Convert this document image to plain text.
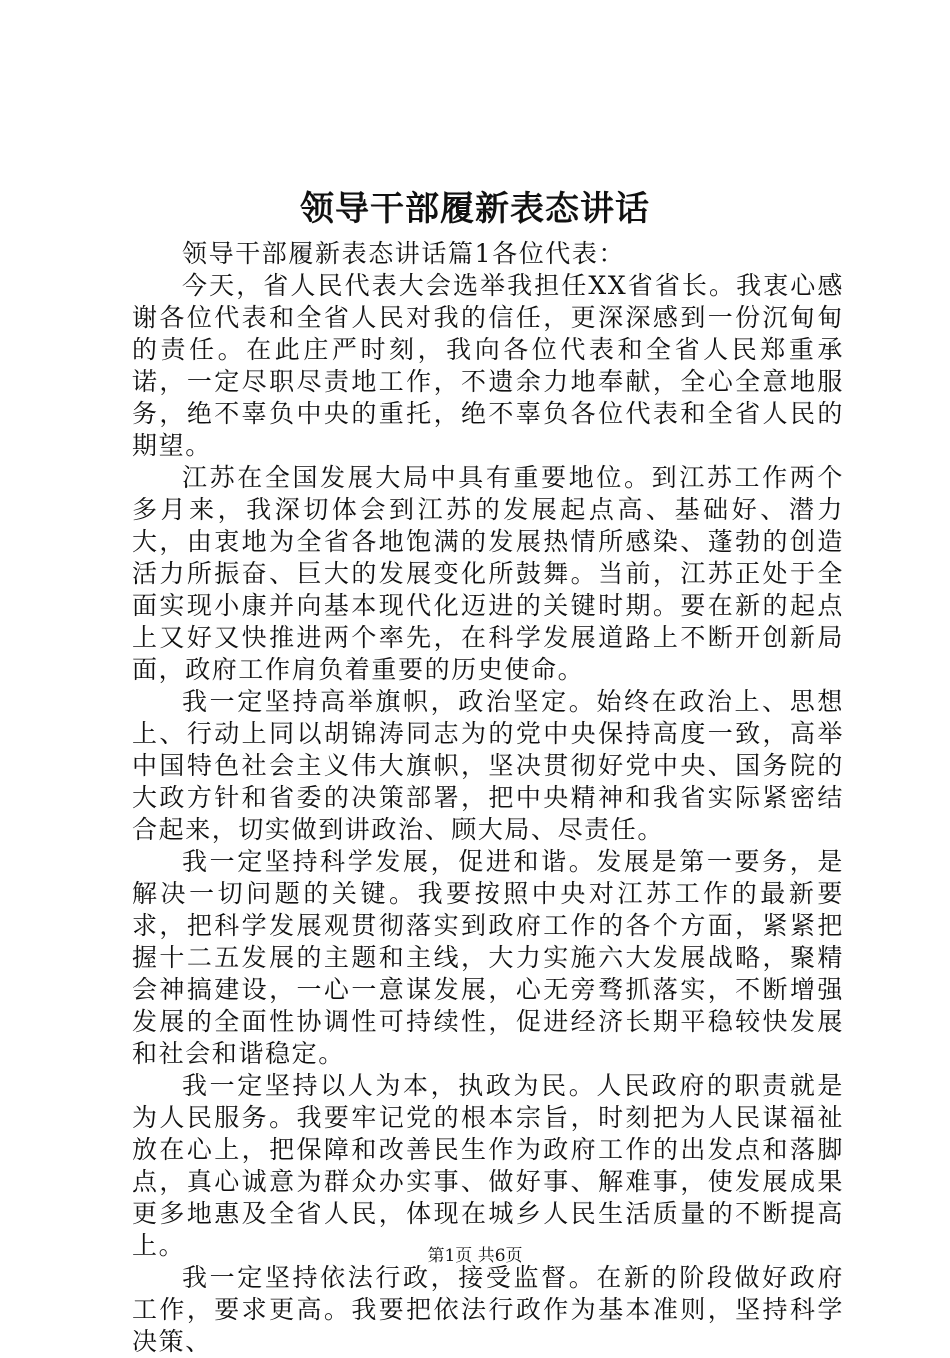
领导干部履新表态讲话

领导干部履新表态讲话篇1各位代表：

今天，省人民代表大会选举我担任XX省省长。我衷心感谢各位代表和全省人民对我的信任，更深深感到一份沉甸甸的责任。在此庄严时刻，我向各位代表和全省人民郑重承诺，一定尽职尽责地工作，不遗余力地奉献，全心全意地服务，绝不辜负中央的重托，绝不辜负各位代表和全省人民的期望。

江苏在全国发展大局中具有重要地位。到江苏工作两个多月来，我深切体会到江苏的发展起点高、基础好、潜力大，由衷地为全省各地饱满的发展热情所感染、蓬勃的创造活力所振奋、巨大的发展变化所鼓舞。当前，江苏正处于全面实现小康并向基本现代化迈进的关键时期。要在新的起点上又好又快推进两个率先，在科学发展道路上不断开创新局面，政府工作肩负着重要的历史使命。

我一定坚持高举旗帜，政治坚定。始终在政治上、思想上、行动上同以胡锦涛同志为的党中央保持高度一致，高举中国特色社会主义伟大旗帜，坚决贯彻好党中央、国务院的大政方针和省委的决策部署，把中央精神和我省实际紧密结合起来，切实做到讲政治、顾大局、尽责任。

我一定坚持科学发展，促进和谐。发展是第一要务，是解决一切问题的关键。我要按照中央对江苏工作的最新要求，把科学发展观贯彻落实到政府工作的各个方面，紧紧把握十二五发展的主题和主线，大力实施六大发展战略，聚精会神搞建设，一心一意谋发展，心无旁骛抓落实，不断增强发展的全面性协调性可持续性，促进经济长期平稳较快发展和社会和谐稳定。

我一定坚持以人为本，执政为民。人民政府的职责就是为人民服务。我要牢记党的根本宗旨，时刻把为人民谋福祉放在心上，把保障和改善民生作为政府工作的出发点和落脚点，真心诚意为群众办实事、做好事、解难事，使发展成果更多地惠及全省人民，体现在城乡人民生活质量的不断提高上。

我一定坚持依法行政，接受监督。在新的阶段做好政府工作，要求更高。我要把依法行政作为基本准则，坚持科学决策、

第1页 共6页
